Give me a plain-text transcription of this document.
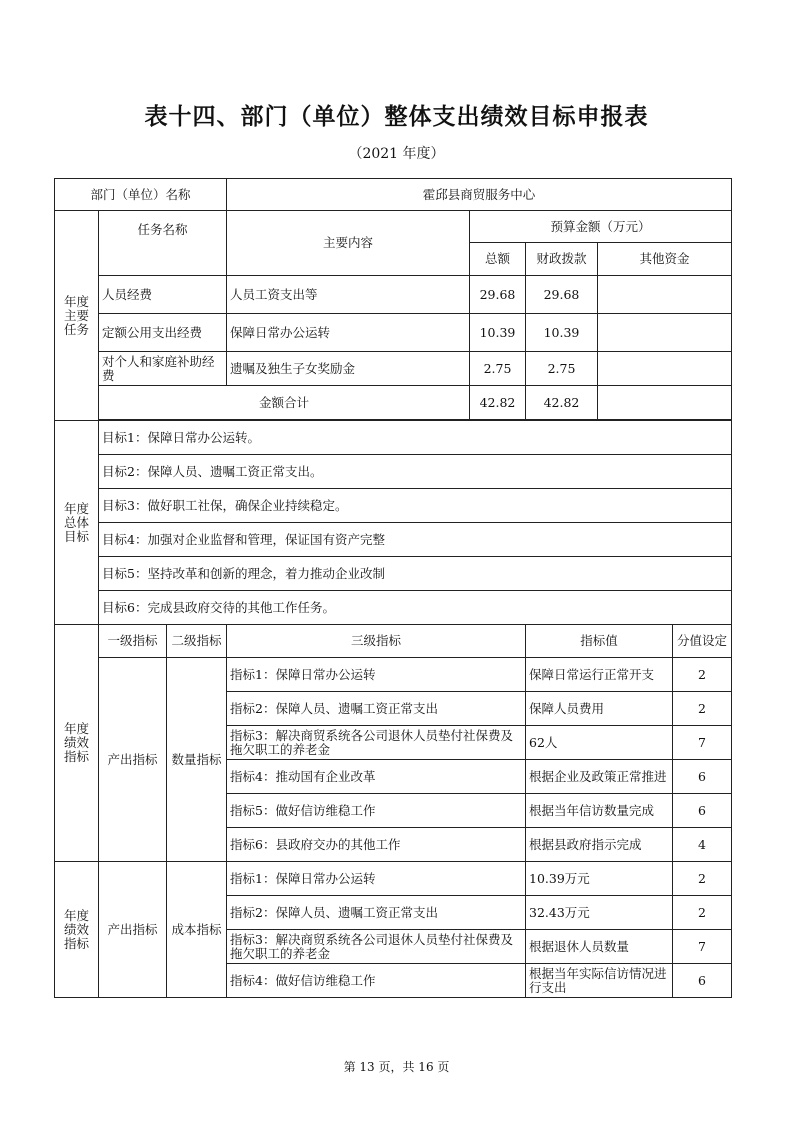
表十四、部门（单位）整体支出绩效目标申报表
（2021 年度）
部门（单位）名称			霍邱县商贸服务中心				
年度主要任务	任务名称		主要内容	预算金额（万元）			
				总额	财政拨款	其他资金	
	人员经费		人员工资支出等	29.68	29.68		
	定额公用支出经费		保障日常办公运转	10.39	10.39		
	对个人和家庭补助经费		遗嘱及独生子女奖励金	2.75	2.75		
	金额合计			42.82	42.82		

年度总体目标	目标1：保障日常办公运转。						
	目标2：保障人员、遗嘱工资正常支出。						
	目标3：做好职工社保，确保企业持续稳定。						
	目标4：加强对企业监督和管理，保证国有资产完整						
	目标5：坚持改革和创新的理念，着力推动企业改制						
	目标6：完成县政府交待的其他工作任务。						
年度绩效指标	一级指标	二级指标	三级指标		指标值		分值设定
	产出指标	数量指标	指标1：保障日常办公运转		保障日常运行正常开支		2
			指标2：保障人员、遗嘱工资正常支出		保障人员费用		2
			指标3：解决商贸系统各公司退休人员垫付社保费及拖欠职工的养老金		62人		7
			指标4：推动国有企业改革		根据企业及政策正常推进		6
			指标5：做好信访维稳工作		根据当年信访数量完成		6
			指标6：县政府交办的其他工作		根据县政府指示完成		4
年度绩效指标	产出指标	成本指标	指标1：保障日常办公运转		10.39万元		2
			指标2：保障人员、遗嘱工资正常支出		32.43万元		2
			指标3：解决商贸系统各公司退休人员垫付社保费及拖欠职工的养老金		根据退休人员数量		7
			指标4：做好信访维稳工作		根据当年实际信访情况进行支出		6
第 13 页，共 16 页
